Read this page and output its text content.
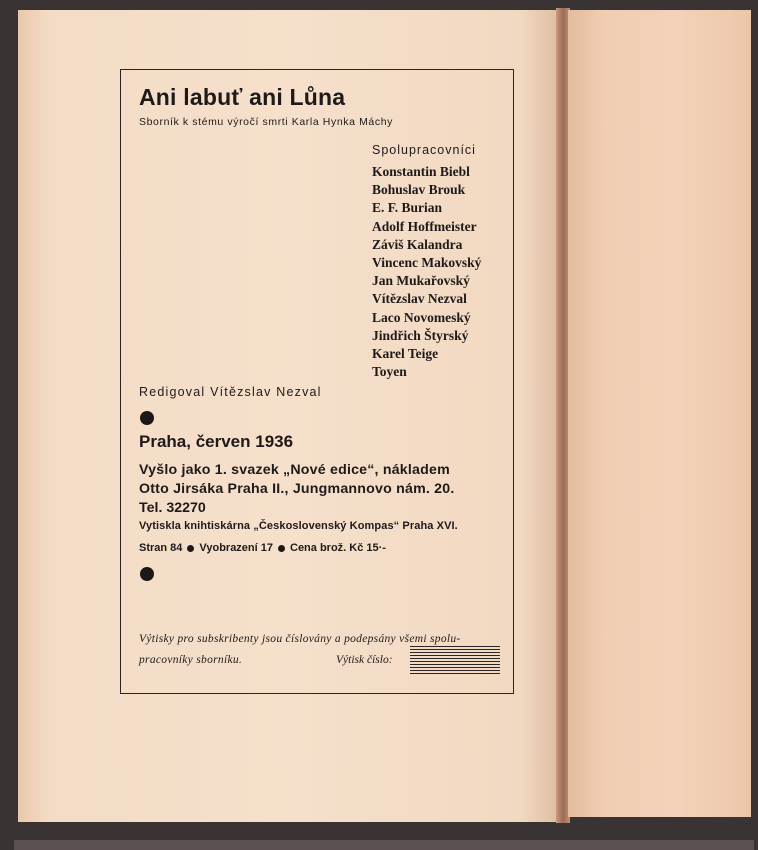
Ani labuť ani Lůna
Sborník k stému výročí smrti Karla Hynka Máchy
Spolupracovníci
Konstantin Biebl
Bohuslav Brouk
E. F. Burian
Adolf Hoffmeister
Záviš Kalandra
Vincenc Makovský
Jan Mukařovský
Vítězslav Nezval
Laco Novomeský
Jindřich Štyrský
Karel Teige
Toyen
Redigoval Vítězslav Nezval
Praha, červen 1936
Vyšlo jako 1. svazek „Nové edice“, nákladem
Otto Jirsáka Praha II., Jungmannovo nám. 20.
Tel. 32270
Vytiskla knihtiskárna „Československý Kompas“ Praha XVI.
Stran 84 Vyobrazení 17 Cena brož. Kč 15·-
Výtisky pro subskribenty jsou číslovány a podepsány všemi spolu-
pracovníky sborníku.	Výtisk číslo:
